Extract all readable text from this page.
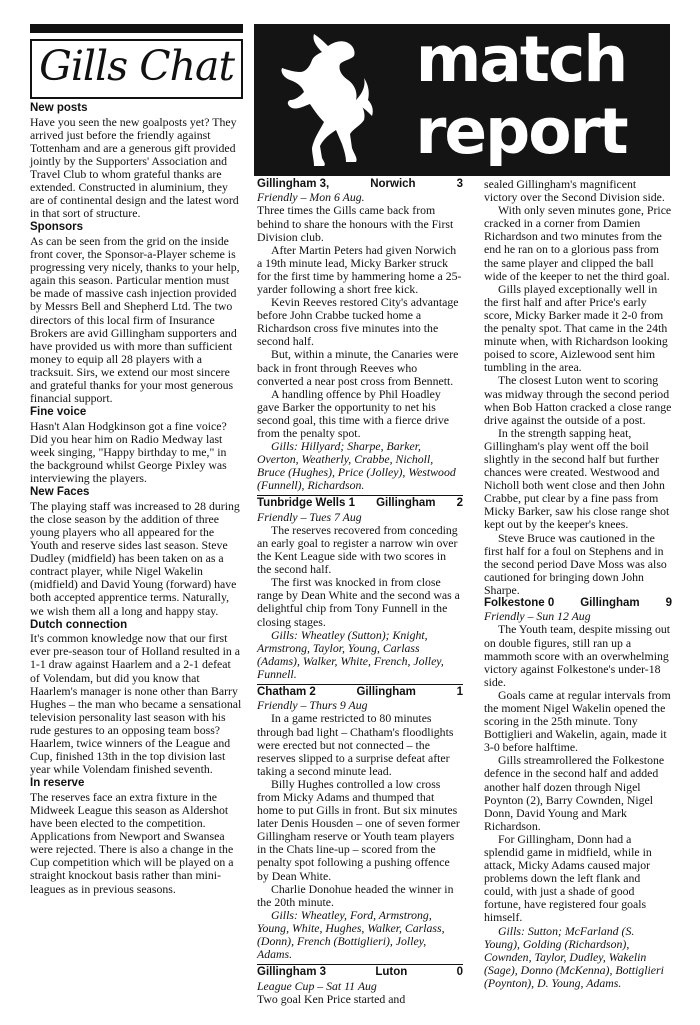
Gills Chat
New posts
Have you seen the new goalposts yet? They arrived just before the friendly against Tottenham and are a generous gift provided jointly by the Supporters' Association and Travel Club to whom grateful thanks are extended. Constructed in aluminium, they are of continental design and the latest word in that sort of structure.
Sponsors
As can be seen from the grid on the inside front cover, the Sponsor-a-Player scheme is progressing very nicely, thanks to your help, again this season. Particular mention must be made of massive cash injection provided by Messrs Bell and Shepherd Ltd. The two directors of this local firm of Insurance Brokers are avid Gillingham supporters and have provided us with more than sufficient money to equip all 28 players with a tracksuit. Sirs, we extend our most sincere and grateful thanks for your most generous financial support.
Fine voice
Hasn't Alan Hodgkinson got a fine voice? Did you hear him on Radio Medway last week singing, "Happy birthday to me," in the background whilst George Pixley was interviewing the players.
New Faces
The playing staff was increased to 28 during the close season by the addition of three young players who all appeared for the Youth and reserve sides last season. Steve Dudley (midfield) has been taken on as a contract player, while Nigel Wakelin (midfield) and David Young (forward) have both accepted apprentice terms. Naturally, we wish them all a long and happy stay.
Dutch connection
It's common knowledge now that our first ever pre-season tour of Holland resulted in a 1-1 draw against Haarlem and a 2-1 defeat of Volendam, but did you know that Haarlem's manager is none other than Barry Hughes – the man who became a sensational television personality last season with his rude gestures to an opposing team boss? Haarlem, twice winners of the League and Cup, finished 13th in the top division last year while Volendam finished seventh.
In reserve
The reserves face an extra fixture in the Midweek League this season as Aldershot have been elected to the competition. Applications from Newport and Swansea were rejected. There is also a change in the Cup competition which will be played on a straight knockout basis rather than mini-leagues as in previous seasons.
match
report
Gillingham 3,	Norwich	3
Friendly – Mon 6 Aug.
Three times the Gills came back from behind to share the honours with the First Division club.
After Martin Peters had given Norwich a 19th minute lead, Micky Barker struck for the first time by hammering home a 25-yarder following a short free kick.
Kevin Reeves restored City's advantage before John Crabbe tucked home a Richardson cross five minutes into the second half.
But, within a minute, the Canaries were back in front through Reeves who converted a near post cross from Bennett.
A handling offence by Phil Hoadley gave Barker the opportunity to net his second goal, this time with a fierce drive from the penalty spot.
Gills: Hillyard; Sharpe, Barker, Overton, Weatherly, Crabbe, Nicholl, Bruce (Hughes), Price (Jolley), Westwood (Funnell), Richardson.
Tunbridge Wells 1 Gillingham 2
Friendly – Tues 7 Aug
The reserves recovered from conceding an early goal to register a narrow win over the Kent League side with two scores in the second half.
The first was knocked in from close range by Dean White and the second was a delightful chip from Tony Funnell in the closing stages.
Gills: Wheatley (Sutton); Knight, Armstrong, Taylor, Young, Carlass (Adams), Walker, White, French, Jolley, Funnell.
Chatham 2	Gillingham	1
Friendly – Thurs 9 Aug
In a game restricted to 80 minutes through bad light – Chatham's floodlights were erected but not connected – the reserves slipped to a surprise defeat after taking a second minute lead.
Billy Hughes controlled a low cross from Micky Adams and thumped that home to put Gills in front. But six minutes later Denis Housden – one of seven former Gillingham reserve or Youth team players in the Chats line-up – scored from the penalty spot following a pushing offence by Dean White.
Charlie Donohue headed the winner in the 20th minute.
Gills: Wheatley, Ford, Armstrong, Young, White, Hughes, Walker, Carlass, (Donn), French (Bottiglieri), Jolley, Adams.
Gillingham 3	Luton	0
League Cup – Sat 11 Aug
Two goal Ken Price started and
sealed Gillingham's magnificent victory over the Second Division side.
With only seven minutes gone, Price cracked in a corner from Damien Richardson and two minutes from the end he ran on to a glorious pass from the same player and clipped the ball wide of the keeper to net the third goal.
Gills played exceptionally well in the first half and after Price's early score, Micky Barker made it 2-0 from the penalty spot. That came in the 24th minute when, with Richardson looking poised to score, Aizlewood sent him tumbling in the area.
The closest Luton went to scoring was midway through the second period when Bob Hatton cracked a close range drive against the outside of a post.
In the strength sapping heat, Gillingham's play went off the boil slightly in the second half but further chances were created. Westwood and Nicholl both went close and then John Crabbe, put clear by a fine pass from Micky Barker, saw his close range shot kept out by the keeper's knees.
Steve Bruce was cautioned in the first half for a foul on Stephens and in the second period Dave Moss was also cautioned for bringing down John Sharpe.
Folkestone 0 Gillingham 9
Friendly – Sun 12 Aug
The Youth team, despite missing out on double figures, still ran up a mammoth score with an overwhelming victory against Folkestone's under-18 side.
Goals came at regular intervals from the moment Nigel Wakelin opened the scoring in the 25th minute. Tony Bottiglieri and Wakelin, again, made it 3-0 before halftime.
Gills streamrollered the Folkestone defence in the second half and added another half dozen through Nigel Poynton (2), Barry Cownden, Nigel Donn, David Young and Mark Richardson.
For Gillingham, Donn had a splendid game in midfield, while in attack, Micky Adams caused major problems down the left flank and could, with just a shade of good fortune, have registered four goals himself.
Gills: Sutton; McFarland (S. Young), Golding (Richardson), Cownden, Taylor, Dudley, Wakelin (Sage), Donno (McKenna), Bottiglieri (Poynton), D. Young, Adams.
